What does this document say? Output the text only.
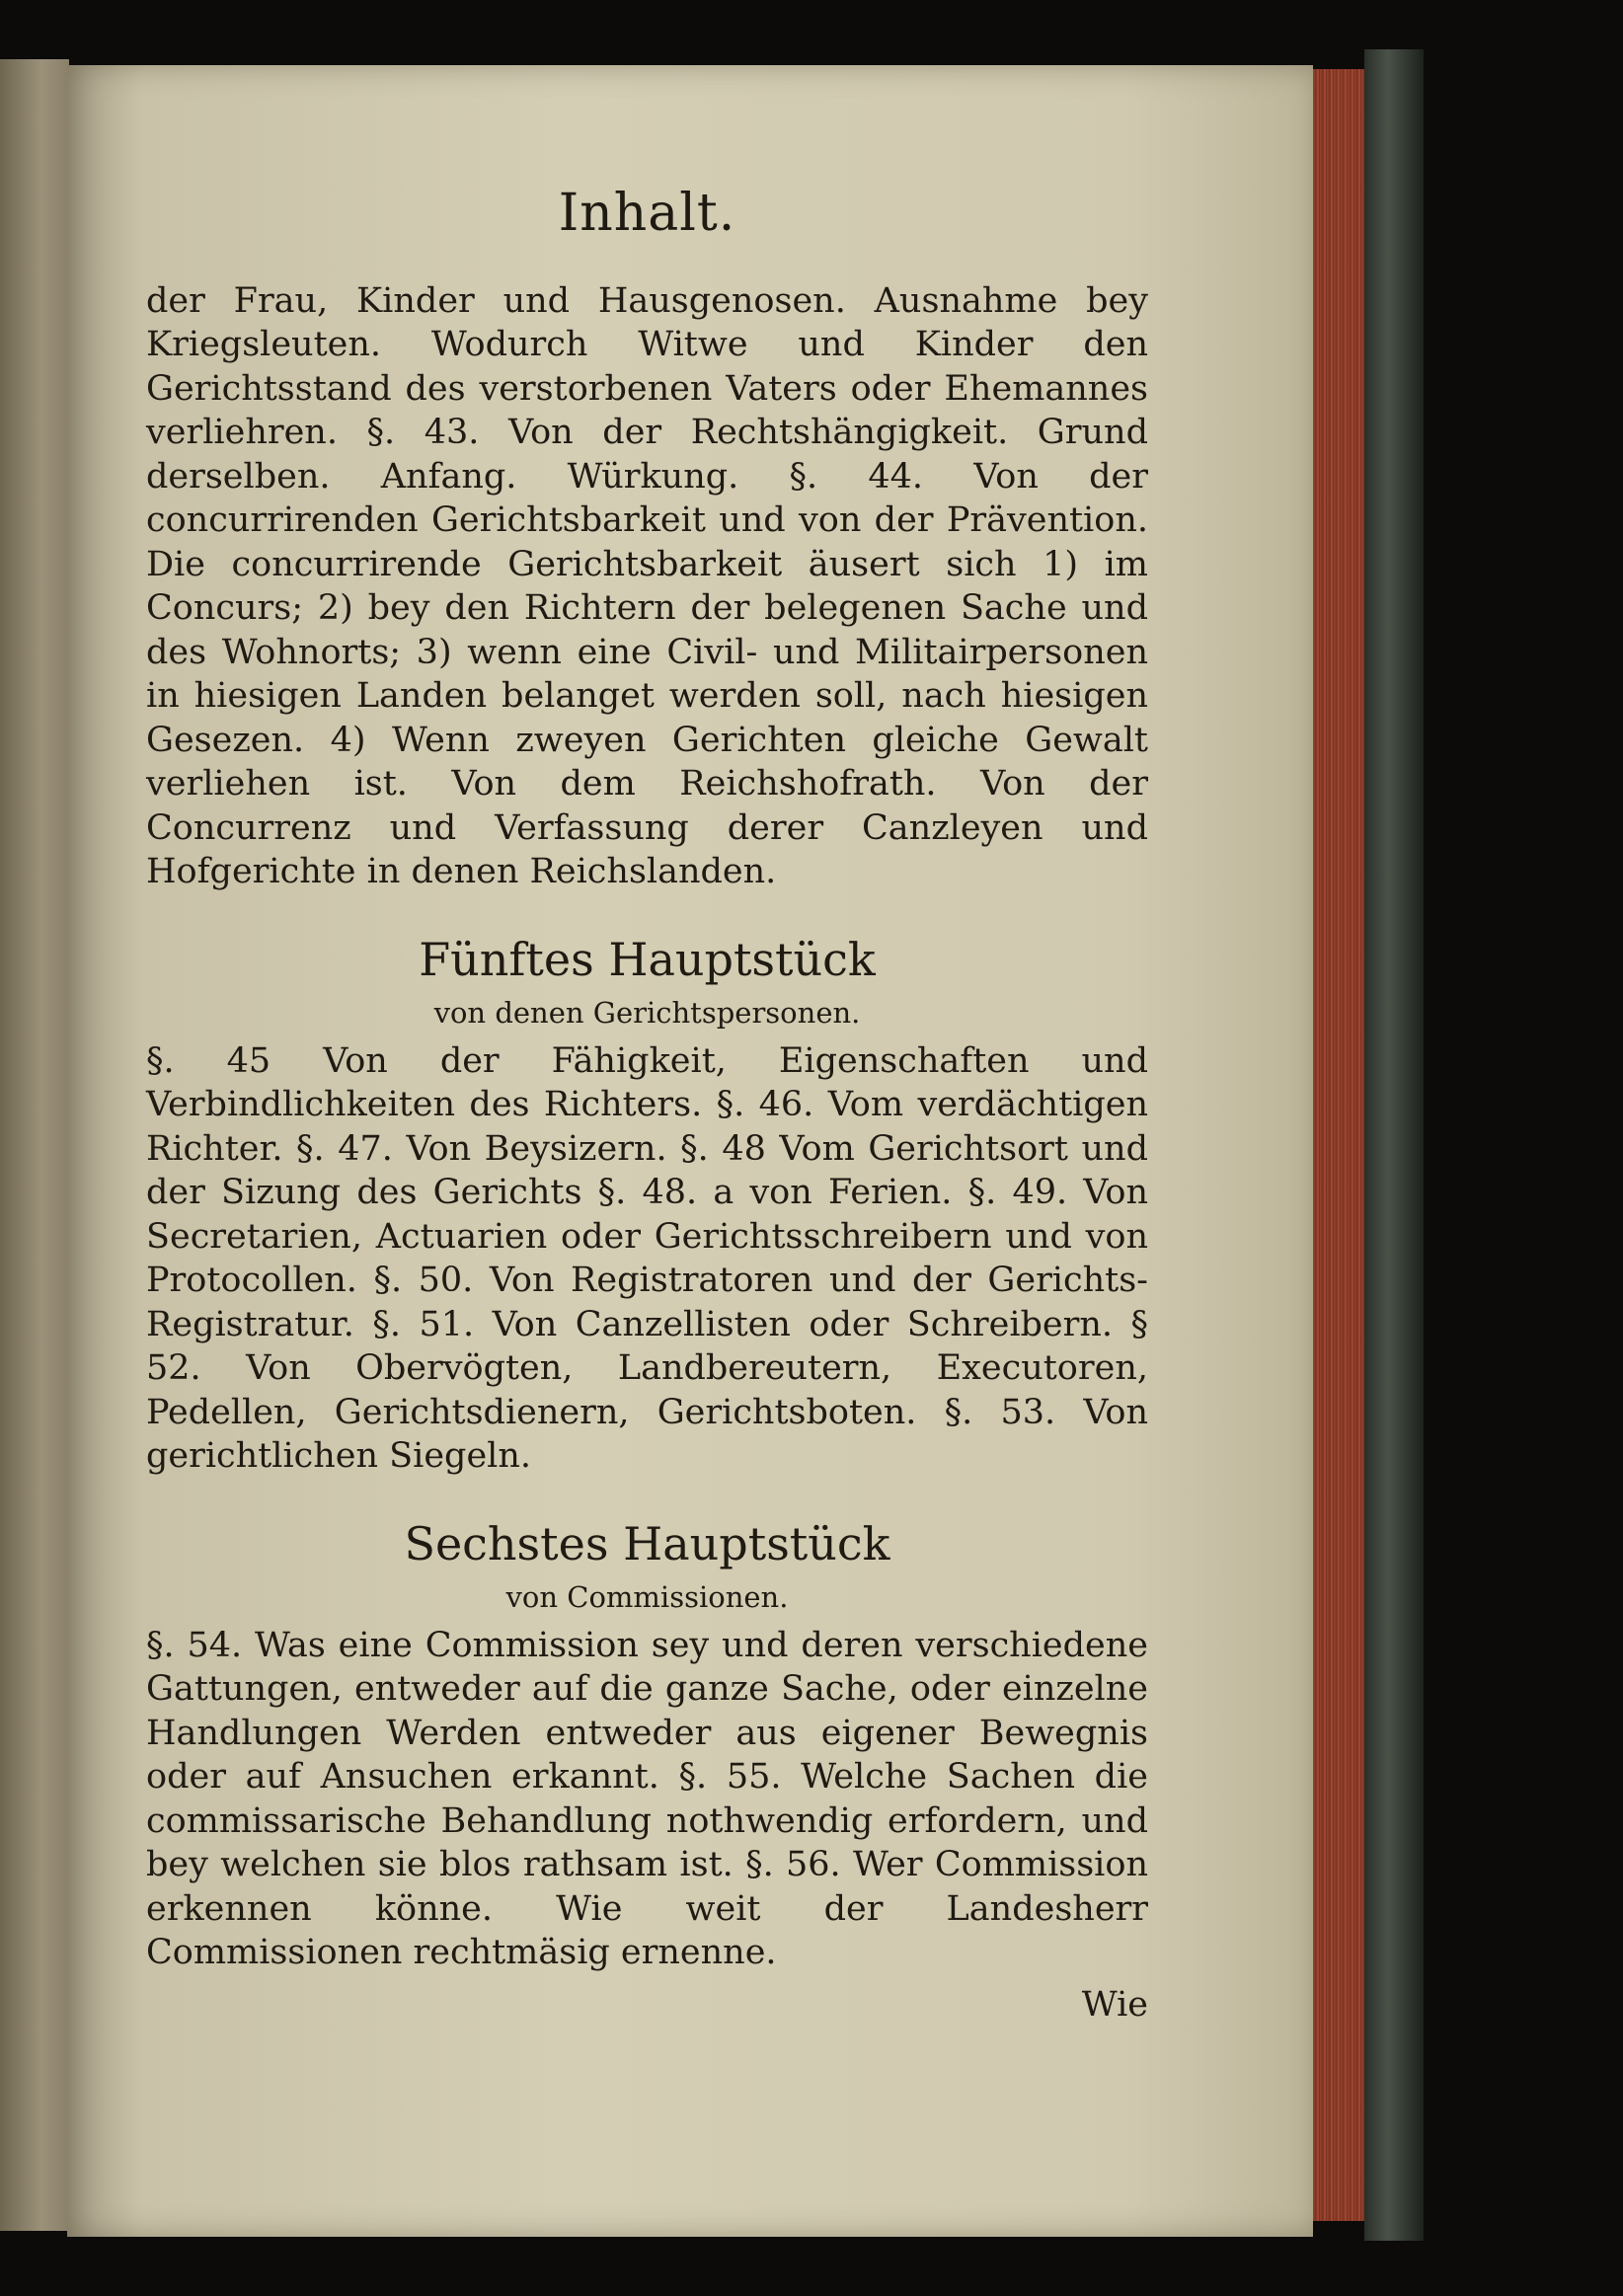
Inhalt.

der Frau, Kinder und Hausgenosen. Ausnahme bey Kriegsleuten. Wodurch Witwe und Kinder den Gerichtsstand des verstorbenen Vaters oder Ehemannes verliehren. §. 43. Von der Rechtshängigkeit. Grund derselben. Anfang. Würkung. §. 44. Von der concurrirenden Gerichtsbarkeit und von der Prävention. Die concurrirende Gerichtsbarkeit äusert sich 1) im Concurs; 2) bey den Richtern der belegenen Sache und des Wohnorts; 3) wenn eine Civil- und Militairpersonen in hiesigen Landen belanget werden soll, nach hiesigen Gesezen. 4) Wenn zweyen Gerichten gleiche Gewalt verliehen ist. Von dem Reichshofrath. Von der Concurrenz und Verfassung derer Canzleyen und Hofgerichte in denen Reichslanden.

Fünftes Hauptstück
von denen Gerichtspersonen.

§. 45 Von der Fähigkeit, Eigenschaften und Verbindlichkeiten des Richters. §. 46. Vom verdächtigen Richter. §. 47. Von Beysizern. §. 48 Vom Gerichtsort und der Sizung des Gerichts §. 48. a von Ferien. §. 49. Von Secretarien, Actuarien oder Gerichtsschreibern und von Protocollen. §. 50. Von Registratoren und der Gerichts-Registratur. §. 51. Von Canzellisten oder Schreibern. § 52. Von Obervögten, Landbereutern, Executoren, Pedellen, Gerichtsdienern, Gerichtsboten. §. 53. Von gerichtlichen Siegeln.

Sechstes Hauptstück
von Commissionen.

§. 54. Was eine Commission sey und deren verschiedene Gattungen, entweder auf die ganze Sache, oder einzelne Handlungen Werden entweder aus eigener Bewegnis oder auf Ansuchen erkannt. §. 55. Welche Sachen die commissarische Behandlung nothwendig erfordern, und bey welchen sie blos rathsam ist. §. 56. Wer Commission erkennen könne. Wie weit der Landesherr Commissionen rechtmäsig ernenne.

Wie
